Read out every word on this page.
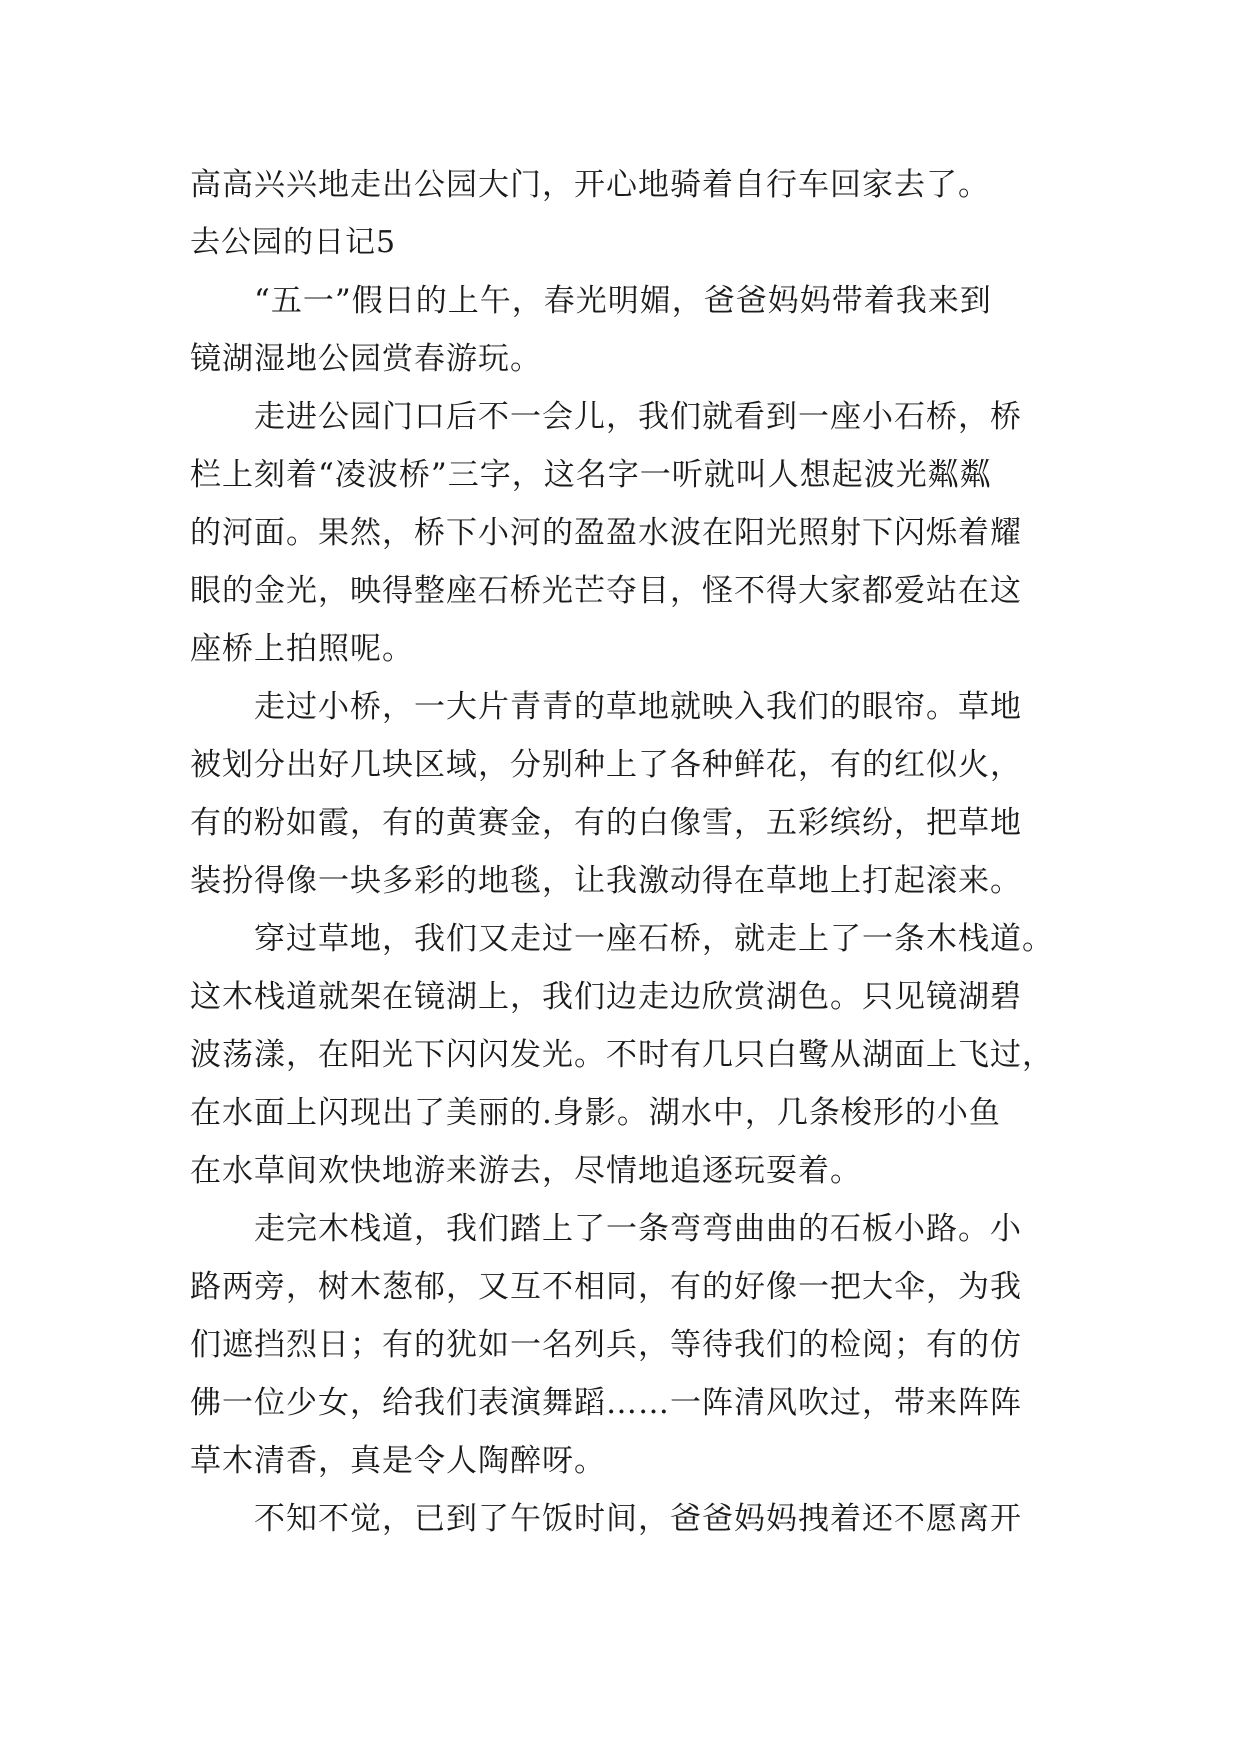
高高兴兴地走出公园大门，开心地骑着自行车回家去了。
去公园的日记5
“五一”假日的上午，春光明媚，爸爸妈妈带着我来到
镜湖湿地公园赏春游玩。
走进公园门口后不一会儿，我们就看到一座小石桥，桥
栏上刻着“凌波桥”三字，这名字一听就叫人想起波光粼粼
的河面。果然，桥下小河的盈盈水波在阳光照射下闪烁着耀
眼的金光，映得整座石桥光芒夺目，怪不得大家都爱站在这
座桥上拍照呢。
走过小桥，一大片青青的草地就映入我们的眼帘。草地
被划分出好几块区域，分别种上了各种鲜花，有的红似火，
有的粉如霞，有的黄赛金，有的白像雪，五彩缤纷，把草地
装扮得像一块多彩的地毯，让我激动得在草地上打起滚来。
穿过草地，我们又走过一座石桥，就走上了一条木栈道。
这木栈道就架在镜湖上，我们边走边欣赏湖色。只见镜湖碧
波荡漾，在阳光下闪闪发光。不时有几只白鹭从湖面上飞过，
在水面上闪现出了美丽的.身影。湖水中，几条梭形的小鱼
在水草间欢快地游来游去，尽情地追逐玩耍着。
走完木栈道，我们踏上了一条弯弯曲曲的石板小路。小
路两旁，树木葱郁，又互不相同，有的好像一把大伞，为我
们遮挡烈日；有的犹如一名列兵，等待我们的检阅；有的仿
佛一位少女，给我们表演舞蹈……一阵清风吹过，带来阵阵
草木清香，真是令人陶醉呀。
不知不觉，已到了午饭时间，爸爸妈妈拽着还不愿离开
